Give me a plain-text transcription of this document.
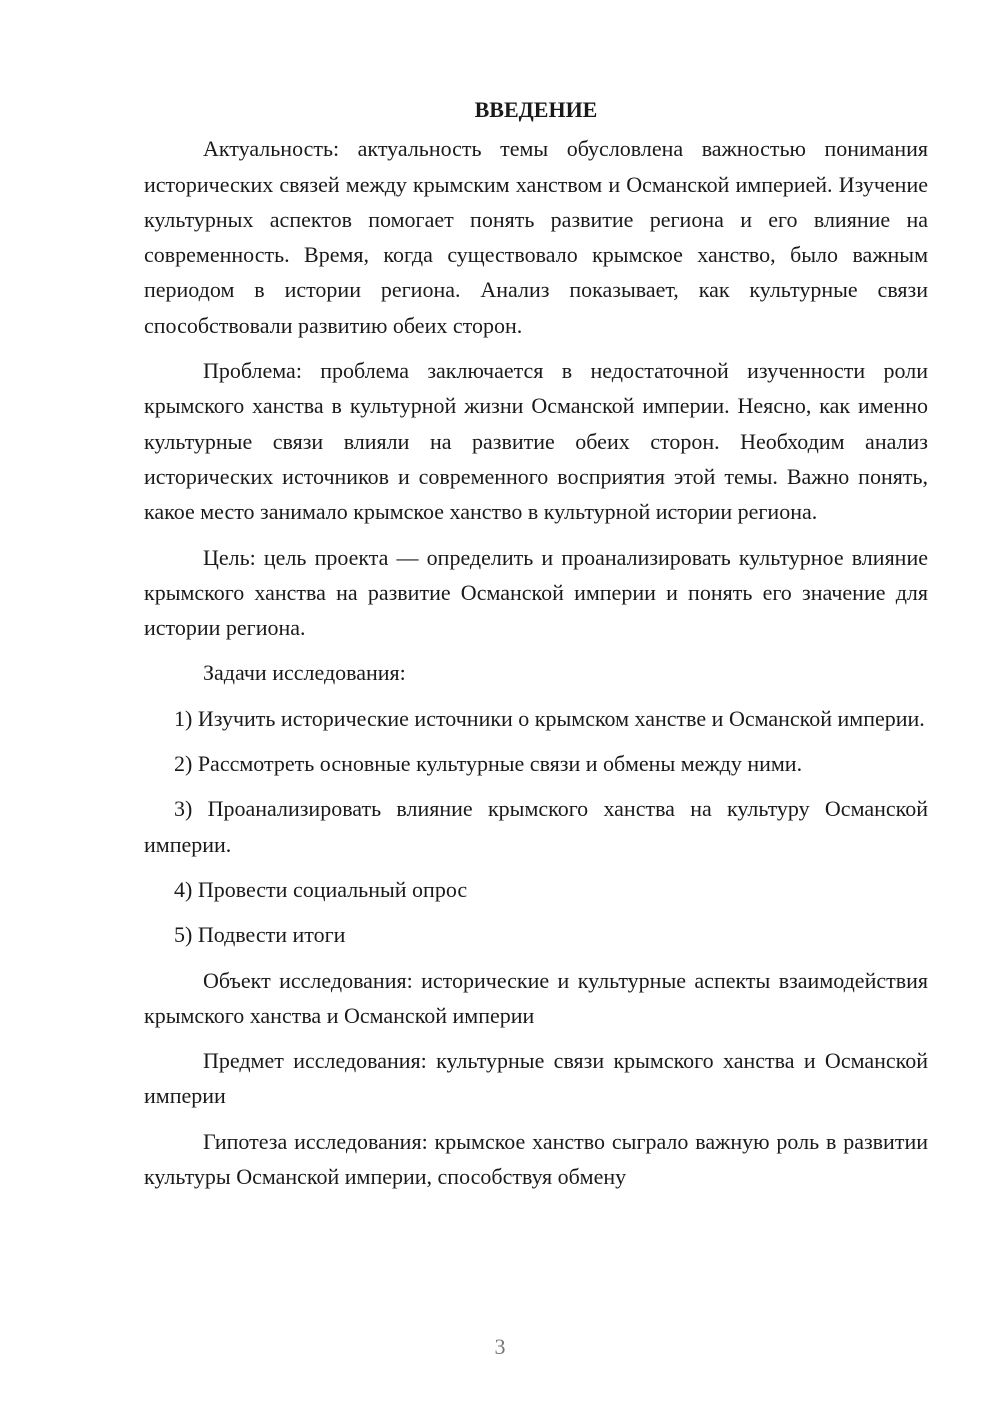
ВВЕДЕНИЕ

Актуальность: актуальность темы обусловлена важностью понимания исторических связей между крымским ханством и Османской империей. Изучение культурных аспектов помогает понять развитие региона и его влияние на современность. Время, когда существовало крымское ханство, было важным периодом в истории региона. Анализ показывает, как культурные связи способствовали развитию обеих сторон.

Проблема: проблема заключается в недостаточной изученности роли крымского ханства в культурной жизни Османской империи. Неясно, как именно культурные связи влияли на развитие обеих сторон. Необходим анализ исторических источников и современного восприятия этой темы. Важно понять, какое место занимало крымское ханство в культурной истории региона.

Цель: цель проекта — определить и проанализировать культурное влияние крымского ханства на развитие Османской империи и понять его значение для истории региона.

Задачи исследования:

1) Изучить исторические источники о крымском ханстве и Османской империи.

2) Рассмотреть основные культурные связи и обмены между ними.

3) Проанализировать влияние крымского ханства на культуру Османской империи.

4) Провести социальный опрос

5) Подвести итоги

Объект исследования: исторические и культурные аспекты взаимодействия крымского ханства и Османской империи

Предмет исследования: культурные связи крымского ханства и Османской империи

Гипотеза исследования: крымское ханство сыграло важную роль в развитии культуры Османской империи, способствуя обмену

3
